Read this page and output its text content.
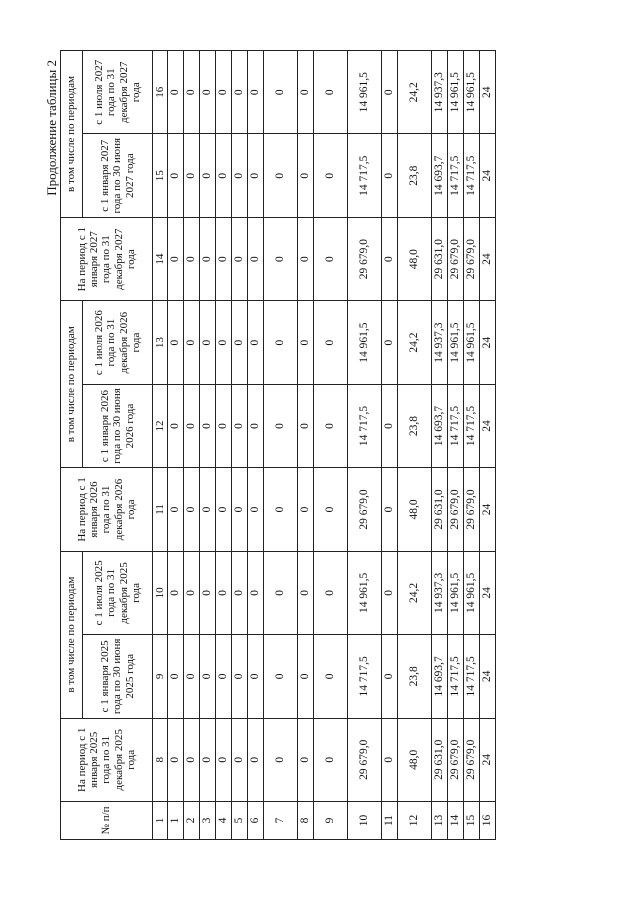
Продолжение таблицы 2
№ п/п	На период с 1 января 2025 года по 31 декабря 2025 года	в том числе по периодам		На период с 1 января 2026 года по 31 декабря 2026 года	в том числе по периодам		На период с 1 января 2027 года по 31 декабря 2027 года	в том числе по периодам	
		с 1 января 2025 года по 30 июня 2025 года	с 1 июля 2025 года по 31 декабря 2025 года		с 1 января 2026 года по 30 июня 2026 года	с 1 июля 2026 года по 31 декабря 2026 года		с 1 января 2027 года по 30 июня 2027 года	с 1 июля 2027 года по 31 декабря 2027 года
1	8	9	10	11	12	13	14	15	16
1	0	0	0	0	0	0	0	0	0
2	0	0	0	0	0	0	0	0	0
3	0	0	0	0	0	0	0	0	0
4	0	0	0	0	0	0	0	0	0
5	0	0	0	0	0	0	0	0	0
6	0	0	0	0	0	0	0	0	0
7	0	0	0	0	0	0	0	0	0
8	0	0	0	0	0	0	0	0	0
9	0	0	0	0	0	0	0	0	0
10	29 679,0	14 717,5	14 961,5	29 679,0	14 717,5	14 961,5	29 679,0	14 717,5	14 961,5
11	0	0	0	0	0	0	0	0	0
12	48,0	23,8	24,2	48,0	23,8	24,2	48,0	23,8	24,2
13	29 631,0	14 693,7	14 937,3	29 631,0	14 693,7	14 937,3	29 631,0	14 693,7	14 937,3
14	29 679,0	14 717,5	14 961,5	29 679,0	14 717,5	14 961,5	29 679,0	14 717,5	14 961,5
15	29 679,0	14 717,5	14 961,5	29 679,0	14 717,5	14 961,5	29 679,0	14 717,5	14 961,5
16	24	24	24	24	24	24	24	24	24
